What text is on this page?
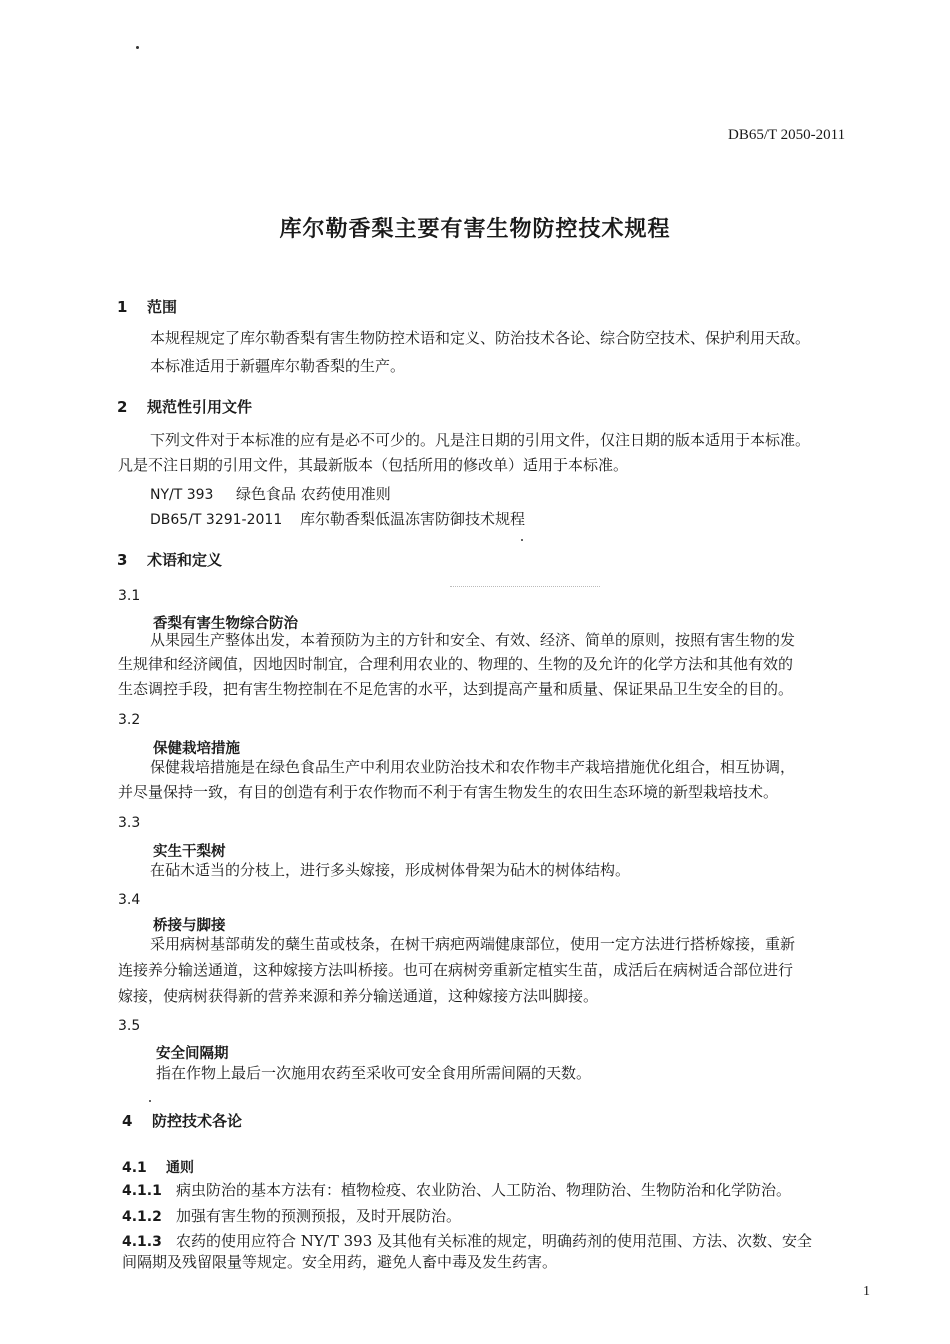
DB65/T 2050-2011
库尔勒香梨主要有害生物防控技术规程
1 范围
本规程规定了库尔勒香梨有害生物防控术语和定义、防治技术各论、综合防空技术、保护利用天敌。
本标准适用于新疆库尔勒香梨的生产。
2 规范性引用文件
下列文件对于本标准的应有是必不可少的。凡是注日期的引用文件，仅注日期的版本适用于本标准。
凡是不注日期的引用文件，其最新版本（包括所用的修改单）适用于本标准。
NY/T 393 绿色食品 农药使用准则
DB65/T 3291-2011 库尔勒香梨低温冻害防御技术规程
3 术语和定义
3.1
香梨有害生物综合防治
从果园生产整体出发，本着预防为主的方针和安全、有效、经济、简单的原则，按照有害生物的发
生规律和经济阈值，因地因时制宜，合理利用农业的、物理的、生物的及允许的化学方法和其他有效的
生态调控手段，把有害生物控制在不足危害的水平，达到提高产量和质量、保证果品卫生安全的目的。
3.2
保健栽培措施
保健栽培措施是在绿色食品生产中利用农业防治技术和农作物丰产栽培措施优化组合，相互协调，
并尽量保持一致，有目的创造有利于农作物而不利于有害生物发生的农田生态环境的新型栽培技术。
3.3
实生干梨树
在砧木适当的分枝上，进行多头嫁接，形成树体骨架为砧木的树体结构。
3.4
桥接与脚接
采用病树基部萌发的蘖生苗或枝条，在树干病疤两端健康部位，使用一定方法进行搭桥嫁接，重新
连接养分输送通道，这种嫁接方法叫桥接。也可在病树旁重新定植实生苗，成活后在病树适合部位进行
嫁接，使病树获得新的营养来源和养分输送通道，这种嫁接方法叫脚接。
3.5
安全间隔期
指在作物上最后一次施用农药至采收可安全食用所需间隔的天数。
4 防控技术各论
4.1 通则
4.1.1 病虫防治的基本方法有：植物检疫、农业防治、人工防治、物理防治、生物防治和化学防治。
4.1.2 加强有害生物的预测预报，及时开展防治。
4.1.3 农药的使用应符合 NY/T 393 及其他有关标准的规定，明确药剂的使用范围、方法、次数、安全
间隔期及残留限量等规定。安全用药，避免人畜中毒及发生药害。
1
